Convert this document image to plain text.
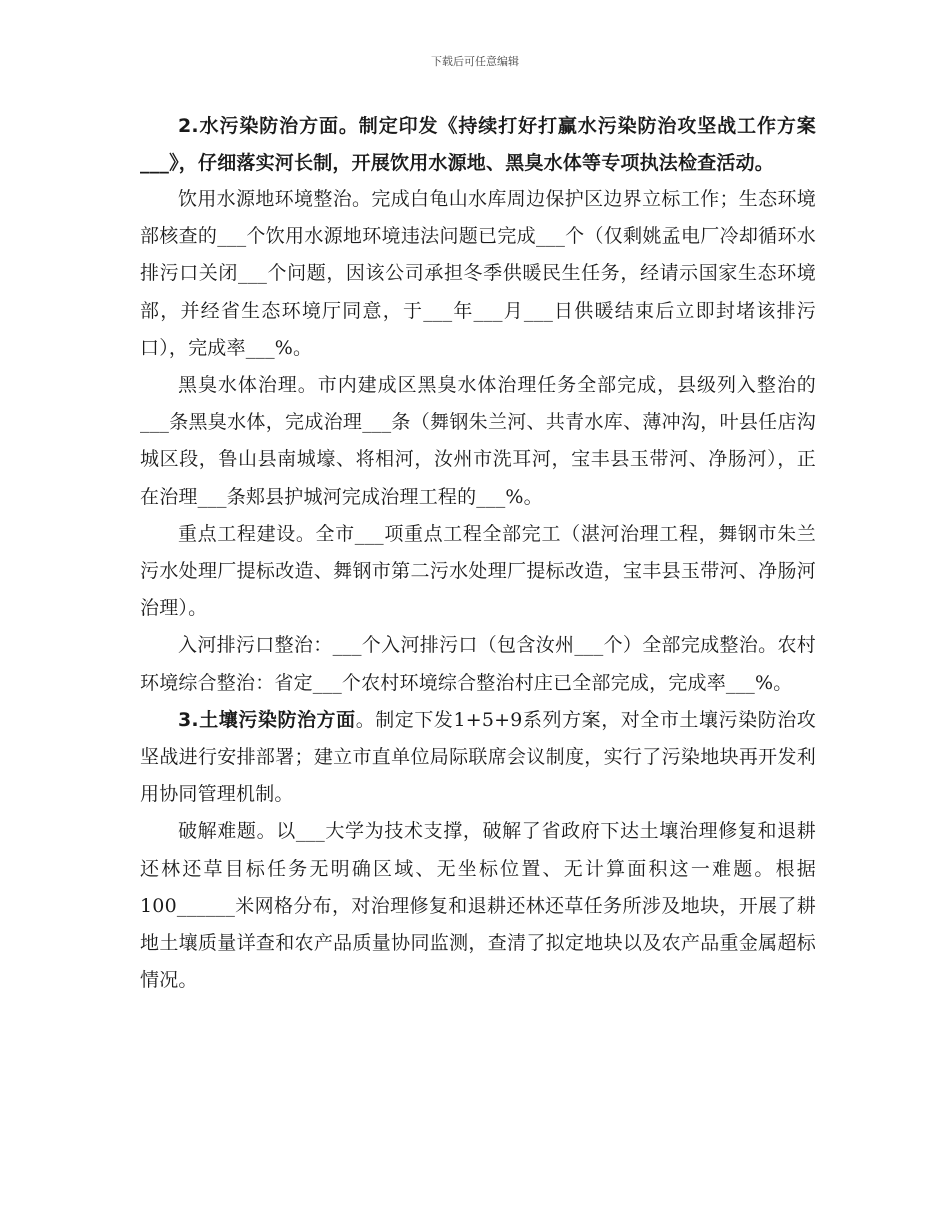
下载后可任意编辑

2.水污染防治方面。制定印发《持续打好打赢水污染防治攻坚战工作方案___》，仔细落实河长制，开展饮用水源地、黑臭水体等专项执法检查活动。

饮用水源地环境整治。完成白龟山水库周边保护区边界立标工作；生态环境部核查的___个饮用水源地环境违法问题已完成___个（仅剩姚孟电厂冷却循环水排污口关闭___个问题，因该公司承担冬季供暖民生任务，经请示国家生态环境部，并经省生态环境厅同意，于___年___月___日供暖结束后立即封堵该排污口），完成率___%。

黑臭水体治理。市内建成区黑臭水体治理任务全部完成，县级列入整治的___条黑臭水体，完成治理___条（舞钢朱兰河、共青水库、薄冲沟，叶县任店沟城区段，鲁山县南城壕、将相河，汝州市洗耳河，宝丰县玉带河、净肠河），正在治理___条郏县护城河完成治理工程的___%。

重点工程建设。全市___项重点工程全部完工（湛河治理工程，舞钢市朱兰污水处理厂提标改造、舞钢市第二污水处理厂提标改造，宝丰县玉带河、净肠河治理）。

入河排污口整治：___个入河排污口（包含汝州___个）全部完成整治。农村环境综合整治：省定___个农村环境综合整治村庄已全部完成，完成率___%。

3.土壤污染防治方面。制定下发1+5+9系列方案，对全市土壤污染防治攻坚战进行安排部署；建立市直单位局际联席会议制度，实行了污染地块再开发利用协同管理机制。

破解难题。以___大学为技术支撑，破解了省政府下达土壤治理修复和退耕还林还草目标任务无明确区域、无坐标位置、无计算面积这一难题。根据100______米网格分布，对治理修复和退耕还林还草任务所涉及地块，开展了耕地土壤质量详查和农产品质量协同监测，查清了拟定地块以及农产品重金属超标情况。
